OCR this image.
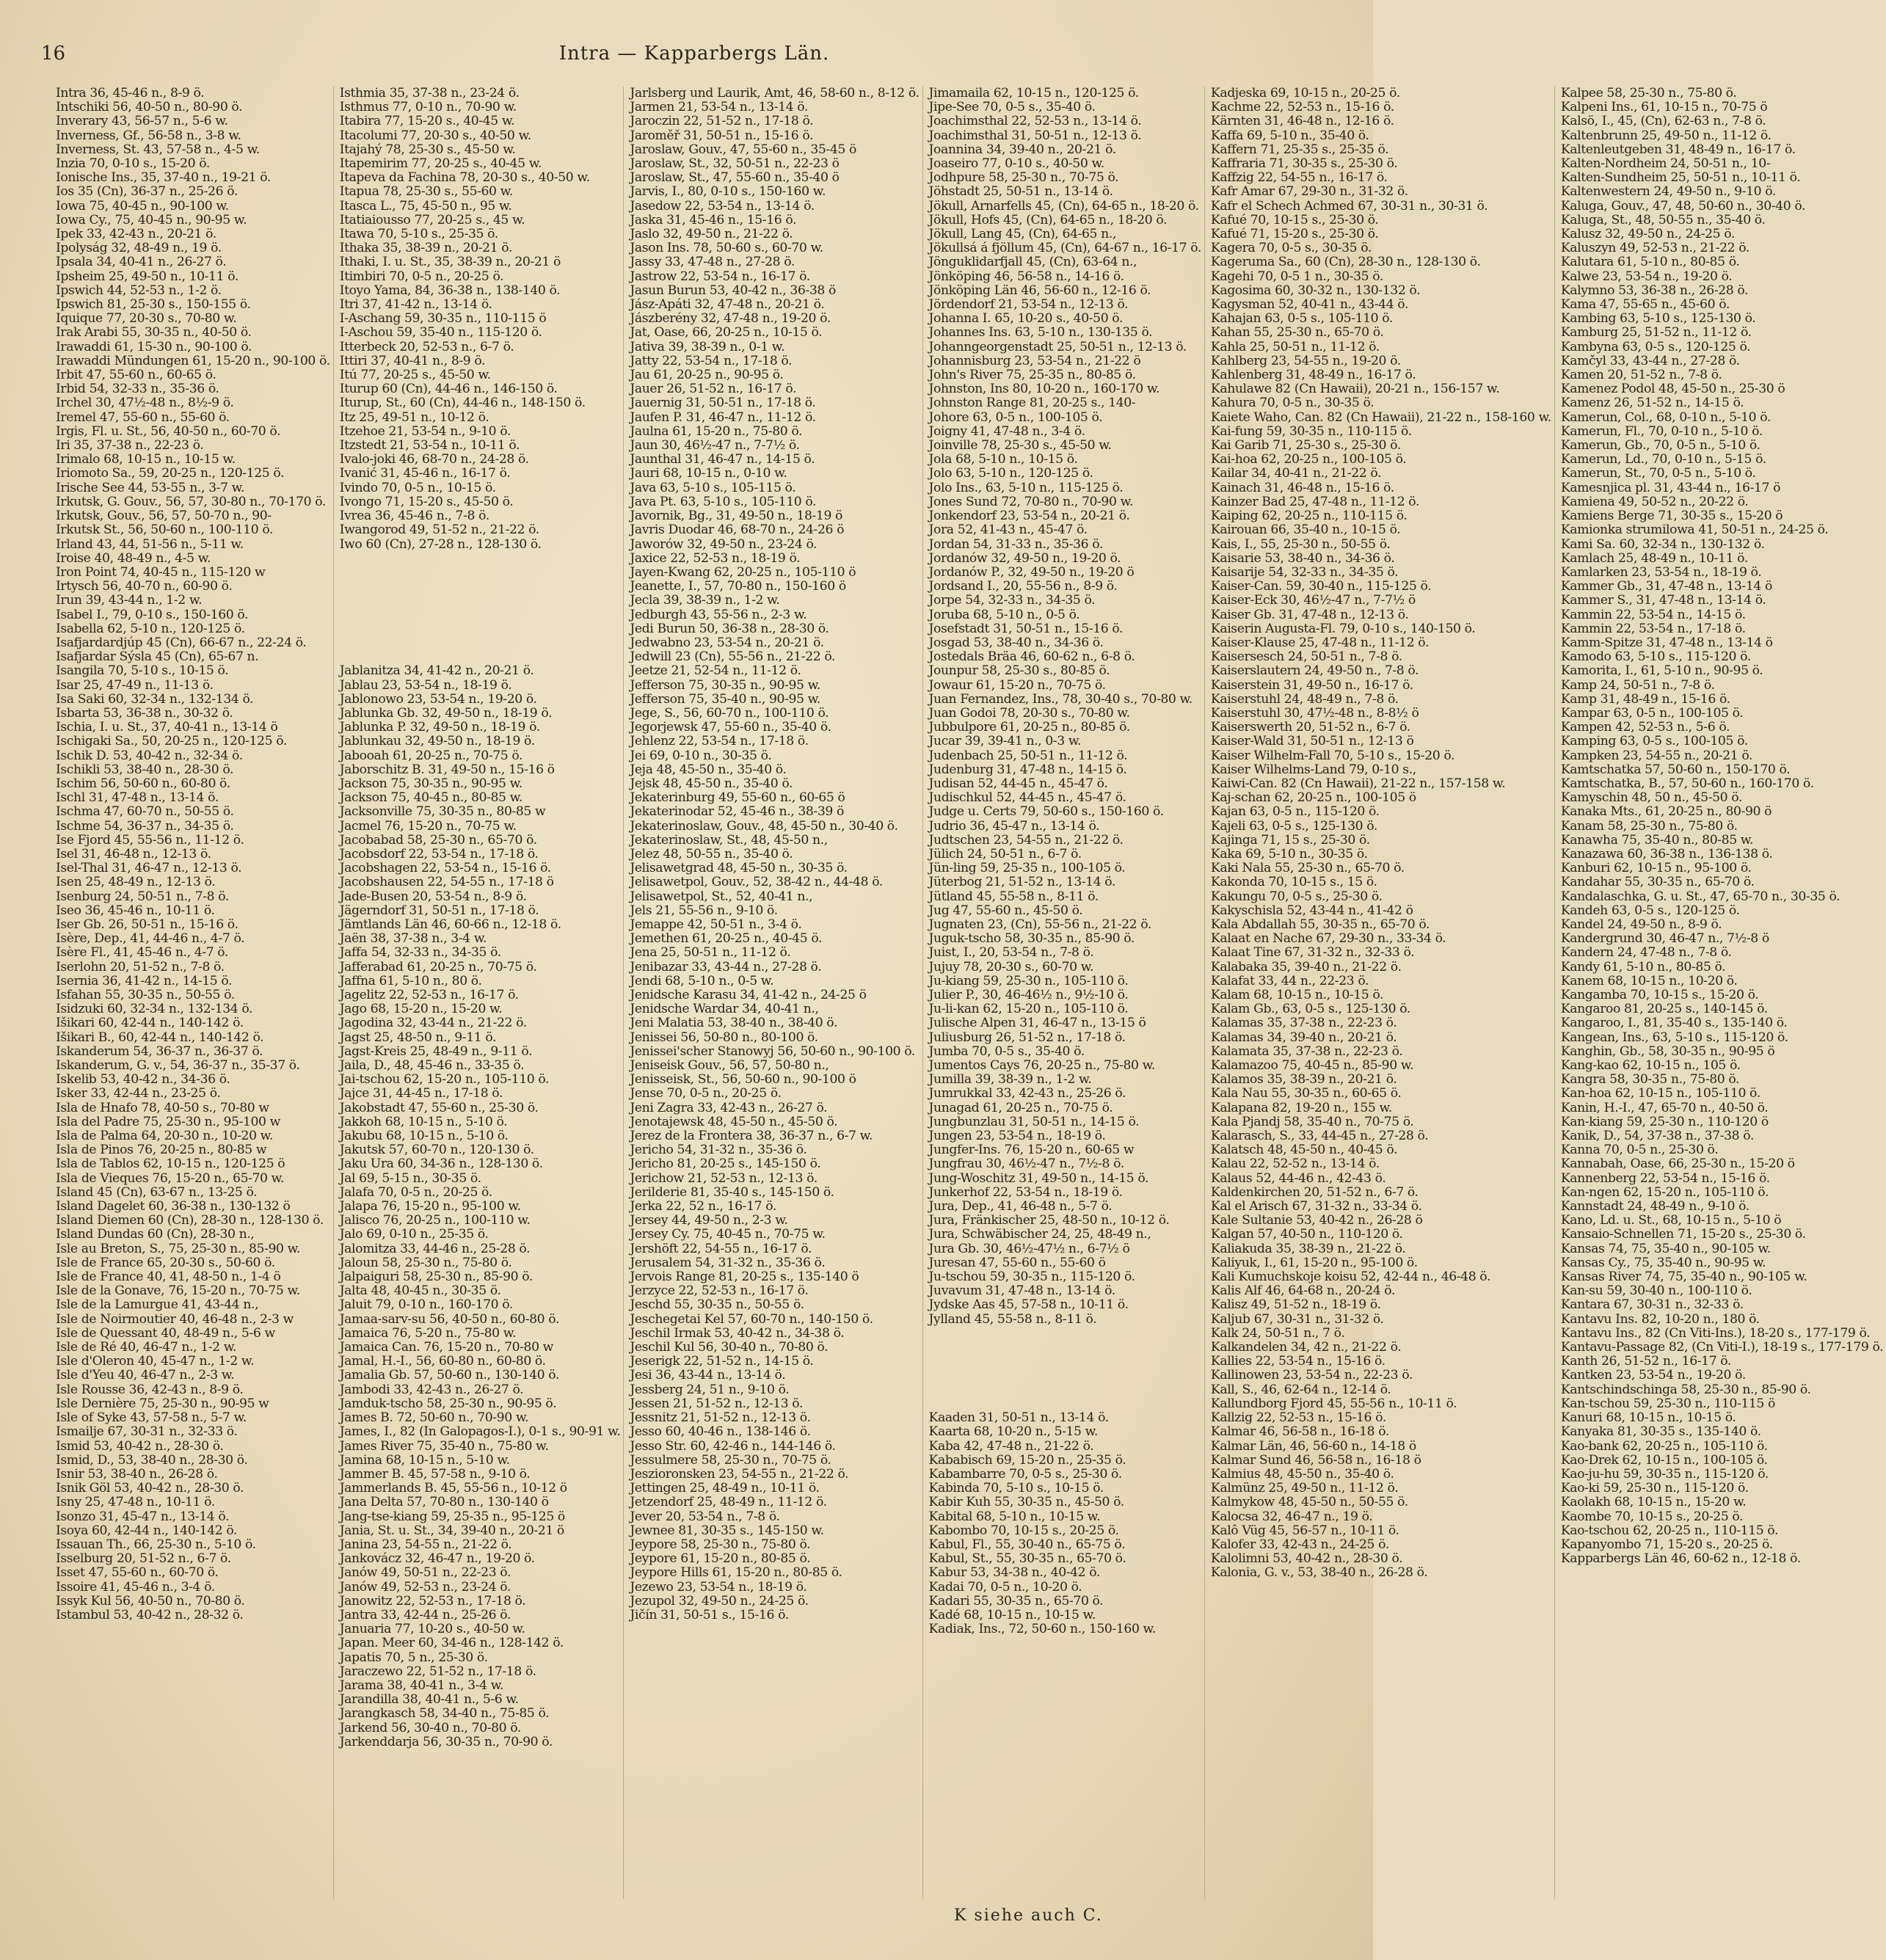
16	Intra — Kapparbergs Län.
Intra 36, 45-46 n., 8-9 ö.
Intschiki 56, 40-50 n., 80-90 ö.
Inverary 43, 56-57 n., 5-6 w.
Inverness, Gf., 56-58 n., 3-8 w.
Inverness, St. 43, 57-58 n., 4-5 w.
Inzia 70, 0-10 s., 15-20 ö.
Ionische Ins., 35, 37-40 n., 19-21 ö.
Ios 35 (Cn), 36-37 n., 25-26 ö.
Iowa 75, 40-45 n., 90-100 w.
Iowa Cy., 75, 40-45 n., 90-95 w.
Ipek 33, 42-43 n., 20-21 ö.
Ipolyság 32, 48-49 n., 19 ö.
Ipsala 34, 40-41 n., 26-27 ö.
Ipsheim 25, 49-50 n., 10-11 ö.
Ipswich 44, 52-53 n., 1-2 ö.
Ipswich 81, 25-30 s., 150-155 ö.
Iquique 77, 20-30 s., 70-80 w.
Irak Arabi 55, 30-35 n., 40-50 ö.
Irawaddi 61, 15-30 n., 90-100 ö.
Irawaddi Mündungen 61, 15-20 n., 90-100 ö.
Irbit 47, 55-60 n., 60-65 ö.
Irbid 54, 32-33 n., 35-36 ö.
Irchel 30, 47½-48 n., 8½-9 ö.
Iremel 47, 55-60 n., 55-60 ö.
Irgis, Fl. u. St., 56, 40-50 n., 60-70 ö.
Iri 35, 37-38 n., 22-23 ö.
Irimalo 68, 10-15 n., 10-15 w.
Iriomoto Sa., 59, 20-25 n., 120-125 ö.
Irische See 44, 53-55 n., 3-7 w.
Irkutsk, G. Gouv., 56, 57, 30-80 n., 70-170 ö.
Irkutsk, Gouv., 56, 57, 50-70 n., 90-
Irkutsk St., 56, 50-60 n., 100-110 ö.
Irland 43, 44, 51-56 n., 5-11 w.
Iroise 40, 48-49 n., 4-5 w.
Iron Point 74, 40-45 n., 115-120 w
Irtysch 56, 40-70 n., 60-90 ö.
Irun 39, 43-44 n., 1-2 w.
Isabel I., 79, 0-10 s., 150-160 ö.
Isabella 62, 5-10 n., 120-125 ö.
Isafjardardjúp 45 (Cn), 66-67 n., 22-24 ö.
Isafjardar Sýsla 45 (Cn), 65-67 n.
Isangila 70, 5-10 s., 10-15 ö.
Isar 25, 47-49 n., 11-13 ö.
Isa Saki 60, 32-34 n., 132-134 ö.
Isbarta 53, 36-38 n., 30-32 ö.
Ischia, I. u. St., 37, 40-41 n., 13-14 ö
Ischigaki Sa., 50, 20-25 n., 120-125 ö.
Ischik D. 53, 40-42 n., 32-34 ö.
Ischikli 53, 38-40 n., 28-30 ö.
Ischim 56, 50-60 n., 60-80 ö.
Ischl 31, 47-48 n., 13-14 ö.
Ischma 47, 60-70 n., 50-55 ö.
Ischme 54, 36-37 n., 34-35 ö.
Ise Fjord 45, 55-56 n., 11-12 ö.
Isel 31, 46-48 n., 12-13 ö.
Isel-Thal 31, 46-47 n., 12-13 ö.
Isen 25, 48-49 n., 12-13 ö.
Isenburg 24, 50-51 n., 7-8 ö.
Iseo 36, 45-46 n., 10-11 ö.
Iser Gb. 26, 50-51 n., 15-16 ö.
Isère, Dep., 41, 44-46 n., 4-7 ö.
Isère Fl., 41, 45-46 n., 4-7 ö.
Iserlohn 20, 51-52 n., 7-8 ö.
Isernia 36, 41-42 n., 14-15 ö.
Isfahan 55, 30-35 n., 50-55 ö.
Isidzuki 60, 32-34 n., 132-134 ö.
Išikari 60, 42-44 n., 140-142 ö.
Išikari B., 60, 42-44 n., 140-142 ö.
Iskanderum 54, 36-37 n., 36-37 ö.
Iskanderum, G. v., 54, 36-37 n., 35-37 ö.
Iskelib 53, 40-42 n., 34-36 ö.
Isker 33, 42-44 n., 23-25 ö.
Isla de Hnafo 78, 40-50 s., 70-80 w
Isla del Padre 75, 25-30 n., 95-100 w
Isla de Palma 64, 20-30 n., 10-20 w.
Isla de Pinos 76, 20-25 n., 80-85 w
Isla de Tablos 62, 10-15 n., 120-125 ö
Isla de Vieques 76, 15-20 n., 65-70 w.
Island 45 (Cn), 63-67 n., 13-25 ö.
Island Dagelet 60, 36-38 n., 130-132 ö
Island Diemen 60 (Cn), 28-30 n., 128-130 ö.
Island Dundas 60 (Cn), 28-30 n.,
Isle au Breton, S., 75, 25-30 n., 85-90 w.
Isle de France 65, 20-30 s., 50-60 ö.
Isle de France 40, 41, 48-50 n., 1-4 ö
Isle de la Gonave, 76, 15-20 n., 70-75 w.
Isle de la Lamurgue 41, 43-44 n.,
Isle de Noirmoutier 40, 46-48 n., 2-3 w
Isle de Quessant 40, 48-49 n., 5-6 w
Isle de Ré 40, 46-47 n., 1-2 w.
Isle d'Oleron 40, 45-47 n., 1-2 w.
Isle d'Yeu 40, 46-47 n., 2-3 w.
Isle Rousse 36, 42-43 n., 8-9 ö.
Isle Dernière 75, 25-30 n., 90-95 w
Isle of Syke 43, 57-58 n., 5-7 w.
Ismailje 67, 30-31 n., 32-33 ö.
Ismid 53, 40-42 n., 28-30 ö.
Ismid, D., 53, 38-40 n., 28-30 ö.
Isnir 53, 38-40 n., 26-28 ö.
Isnik Göl 53, 40-42 n., 28-30 ö.
Isny 25, 47-48 n., 10-11 ö.
Isonzo 31, 45-47 n., 13-14 ö.
Isoya 60, 42-44 n., 140-142 ö.
Issauan Th., 66, 25-30 n., 5-10 ö.
Isselburg 20, 51-52 n., 6-7 ö.
Isset 47, 55-60 n., 60-70 ö.
Issoire 41, 45-46 n., 3-4 ö.
Issyk Kul 56, 40-50 n., 70-80 ö.
Istambul 53, 40-42 n., 28-32 ö.
Isthmia 35, 37-38 n., 23-24 ö.
Isthmus 77, 0-10 n., 70-90 w.
Itabira 77, 15-20 s., 40-45 w.
Itacolumi 77, 20-30 s., 40-50 w.
Itajahý 78, 25-30 s., 45-50 w.
Itapemirim 77, 20-25 s., 40-45 w.
Itapeva da Fachina 78, 20-30 s., 40-50 w.
Itapua 78, 25-30 s., 55-60 w.
Itasca L., 75, 45-50 n., 95 w.
Itatiaiousso 77, 20-25 s., 45 w.
Itawa 70, 5-10 s., 25-35 ö.
Ithaka 35, 38-39 n., 20-21 ö.
Ithaki, I. u. St., 35, 38-39 n., 20-21 ö
Itimbiri 70, 0-5 n., 20-25 ö.
Itoyo Yama, 84, 36-38 n., 138-140 ö.
Itri 37, 41-42 n., 13-14 ö.
I-Aschang 59, 30-35 n., 110-115 ö
I-Aschou 59, 35-40 n., 115-120 ö.
Itterbeck 20, 52-53 n., 6-7 ö.
Ittiri 37, 40-41 n., 8-9 ö.
Itú 77, 20-25 s., 45-50 w.
Iturup 60 (Cn), 44-46 n., 146-150 ö.
Iturup, St., 60 (Cn), 44-46 n., 148-150 ö.
Itz 25, 49-51 n., 10-12 ö.
Itzehoe 21, 53-54 n., 9-10 ö.
Itzstedt 21, 53-54 n., 10-11 ö.
Ivalo-joki 46, 68-70 n., 24-28 ö.
Ivanić 31, 45-46 n., 16-17 ö.
Ivindo 70, 0-5 n., 10-15 ö.
Ivongo 71, 15-20 s., 45-50 ö.
Ivrea 36, 45-46 n., 7-8 ö.
Iwangorod 49, 51-52 n., 21-22 ö.
Iwo 60 (Cn), 27-28 n., 128-130 ö.

Jablanitza 34, 41-42 n., 20-21 ö.
Jablau 23, 53-54 n., 18-19 ö.
Jablonowo 23, 53-54 n., 19-20 ö.
Jablunka Gb. 32, 49-50 n., 18-19 ö.
Jablunka P. 32, 49-50 n., 18-19 ö.
Jablunkau 32, 49-50 n., 18-19 ö.
Jabooah 61, 20-25 n., 70-75 ö.
Jaborschitz B. 31, 49-50 n., 15-16 ö
Jackson 75, 30-35 n., 90-95 w.
Jackson 75, 40-45 n., 80-85 w.
Jacksonville 75, 30-35 n., 80-85 w
Jacmel 76, 15-20 n., 70-75 w.
Jacobabad 58, 25-30 n., 65-70 ö.
Jacobsdorf 22, 53-54 n., 17-18 ö.
Jacobshagen 22, 53-54 n., 15-16 ö.
Jacobshausen 22, 54-55 n., 17-18 ö
Jade-Busen 20, 53-54 n., 8-9 ö.
Jägerndorf 31, 50-51 n., 17-18 ö.
Jämtlands Län 46, 60-66 n., 12-18 ö.
Jaën 38, 37-38 n., 3-4 w.
Jaffa 54, 32-33 n., 34-35 ö.
Jafferabad 61, 20-25 n., 70-75 ö.
Jaffna 61, 5-10 n., 80 ö.
Jagelitz 22, 52-53 n., 16-17 ö.
Jago 68, 15-20 n., 15-20 w.
Jagodina 32, 43-44 n., 21-22 ö.
Jagst 25, 48-50 n., 9-11 ö.
Jagst-Kreis 25, 48-49 n., 9-11 ö.
Jaila, D., 48, 45-46 n., 33-35 ö.
Jai-tschou 62, 15-20 n., 105-110 ö.
Jajce 31, 44-45 n., 17-18 ö.
Jakobstadt 47, 55-60 n., 25-30 ö.
Jakkoh 68, 10-15 n., 5-10 ö.
Jakubu 68, 10-15 n., 5-10 ö.
Jakutsk 57, 60-70 n., 120-130 ö.
Jaku Ura 60, 34-36 n., 128-130 ö.
Jal 69, 5-15 n., 30-35 ö.
Jalafa 70, 0-5 n., 20-25 ö.
Jalapa 76, 15-20 n., 95-100 w.
Jalisco 76, 20-25 n., 100-110 w.
Jalo 69, 0-10 n., 25-35 ö.
Jalomitza 33, 44-46 n., 25-28 ö.
Jaloun 58, 25-30 n., 75-80 ö.
Jalpaiguri 58, 25-30 n., 85-90 ö.
Jalta 48, 40-45 n., 30-35 ö.
Jaluit 79, 0-10 n., 160-170 ö.
Jamaa-sarv-su 56, 40-50 n., 60-80 ö.
Jamaica 76, 5-20 n., 75-80 w.
Jamaica Can. 76, 15-20 n., 70-80 w
Jamal, H.-I., 56, 60-80 n., 60-80 ö.
Jamalia Gb. 57, 50-60 n., 130-140 ö.
Jambodi 33, 42-43 n., 26-27 ö.
Jamduk-tscho 58, 25-30 n., 90-95 ö.
James B. 72, 50-60 n., 70-90 w.
James, I., 82 (In Galopagos-I.), 0-1 s., 90-91 w.
James River 75, 35-40 n., 75-80 w.
Jamina 68, 10-15 n., 5-10 w.
Jammer B. 45, 57-58 n., 9-10 ö.
Jammerlands B. 45, 55-56 n., 10-12 ö
Jana Delta 57, 70-80 n., 130-140 ö
Jang-tse-kiang 59, 25-35 n., 95-125 ö
Jania, St. u. St., 34, 39-40 n., 20-21 ö
Janina 23, 54-55 n., 21-22 ö.
Jankovácz 32, 46-47 n., 19-20 ö.
Janów 49, 50-51 n., 22-23 ö.
Janów 49, 52-53 n., 23-24 ö.
Janowitz 22, 52-53 n., 17-18 ö.
Jantra 33, 42-44 n., 25-26 ö.
Januaria 77, 10-20 s., 40-50 w.
Japan. Meer 60, 34-46 n., 128-142 ö.
Japatis 70, 5 n., 25-30 ö.
Jaraczewo 22, 51-52 n., 17-18 ö.
Jarama 38, 40-41 n., 3-4 w.
Jarandilla 38, 40-41 n., 5-6 w.
Jarangkasch 58, 34-40 n., 75-85 ö.
Jarkend 56, 30-40 n., 70-80 ö.
Jarkenddarja 56, 30-35 n., 70-90 ö.
Jarlsberg und Laurik, Amt, 46, 58-60 n., 8-12 ö.
Jarmen 21, 53-54 n., 13-14 ö.
Jaroczin 22, 51-52 n., 17-18 ö.
Jaroměř 31, 50-51 n., 15-16 ö.
Jaroslaw, Gouv., 47, 55-60 n., 35-45 ö
Jaroslaw, St., 32, 50-51 n., 22-23 ö
Jaroslaw, St., 47, 55-60 n., 35-40 ö
Jarvis, I., 80, 0-10 s., 150-160 w.
Jasedow 22, 53-54 n., 13-14 ö.
Jaska 31, 45-46 n., 15-16 ö.
Jaslo 32, 49-50 n., 21-22 ö.
Jason Ins. 78, 50-60 s., 60-70 w.
Jassy 33, 47-48 n., 27-28 ö.
Jastrow 22, 53-54 n., 16-17 ö.
Jasun Burun 53, 40-42 n., 36-38 ö
Jász-Apáti 32, 47-48 n., 20-21 ö.
Jászberény 32, 47-48 n., 19-20 ö.
Jat, Oase, 66, 20-25 n., 10-15 ö.
Jativa 39, 38-39 n., 0-1 w.
Jatty 22, 53-54 n., 17-18 ö.
Jau 61, 20-25 n., 90-95 ö.
Jauer 26, 51-52 n., 16-17 ö.
Jauernig 31, 50-51 n., 17-18 ö.
Jaufen P. 31, 46-47 n., 11-12 ö.
Jaulna 61, 15-20 n., 75-80 ö.
Jaun 30, 46½-47 n., 7-7½ ö.
Jaunthal 31, 46-47 n., 14-15 ö.
Jauri 68, 10-15 n., 0-10 w.
Java 63, 5-10 s., 105-115 ö.
Java Pt. 63, 5-10 s., 105-110 ö.
Javornik, Bg., 31, 49-50 n., 18-19 ö
Javris Duodar 46, 68-70 n., 24-26 ö
Jaworów 32, 49-50 n., 23-24 ö.
Jaxice 22, 52-53 n., 18-19 ö.
Jayen-Kwang 62, 20-25 n., 105-110 ö
Jeanette, I., 57, 70-80 n., 150-160 ö
Jecla 39, 38-39 n., 1-2 w.
Jedburgh 43, 55-56 n., 2-3 w.
Jedi Burun 50, 36-38 n., 28-30 ö.
Jedwabno 23, 53-54 n., 20-21 ö.
Jedwill 23 (Cn), 55-56 n., 21-22 ö.
Jeetze 21, 52-54 n., 11-12 ö.
Jefferson 75, 30-35 n., 90-95 w.
Jefferson 75, 35-40 n., 90-95 w.
Jege, S., 56, 60-70 n., 100-110 ö.
Jegorjewsk 47, 55-60 n., 35-40 ö.
Jehlenz 22, 53-54 n., 17-18 ö.
Jei 69, 0-10 n., 30-35 ö.
Jeja 48, 45-50 n., 35-40 ö.
Jejsk 48, 45-50 n., 35-40 ö.
Jekaterinburg 49, 55-60 n., 60-65 ö
Jekaterinodar 52, 45-46 n., 38-39 ö
Jekaterinoslaw, Gouv., 48, 45-50 n., 30-40 ö.
Jekaterinoslaw, St., 48, 45-50 n.,
Jelez 48, 50-55 n., 35-40 ö.
Jelisawetgrad 48, 45-50 n., 30-35 ö.
Jelisawetpol, Gouv., 52, 38-42 n., 44-48 ö.
Jelisawetpol, St., 52, 40-41 n.,
Jels 21, 55-56 n., 9-10 ö.
Jemappe 42, 50-51 n., 3-4 ö.
Jemethen 61, 20-25 n., 40-45 ö.
Jena 25, 50-51 n., 11-12 ö.
Jenibazar 33, 43-44 n., 27-28 ö.
Jendi 68, 5-10 n., 0-5 w.
Jenidsche Karasu 34, 41-42 n., 24-25 ö
Jenidsche Wardar 34, 40-41 n.,
Jeni Malatia 53, 38-40 n., 38-40 ö.
Jenissei 56, 50-80 n., 80-100 ö.
Jenissei'scher Stanowyj 56, 50-60 n., 90-100 ö.
Jeniseisk Gouv., 56, 57, 50-80 n.,
Jenisseisk, St., 56, 50-60 n., 90-100 ö
Jense 70, 0-5 n., 20-25 ö.
Jeni Zagra 33, 42-43 n., 26-27 ö.
Jenotajewsk 48, 45-50 n., 45-50 ö.
Jerez de la Frontera 38, 36-37 n., 6-7 w.
Jericho 54, 31-32 n., 35-36 ö.
Jericho 81, 20-25 s., 145-150 ö.
Jerichow 21, 52-53 n., 12-13 ö.
Jerilderie 81, 35-40 s., 145-150 ö.
Jerka 22, 52 n., 16-17 ö.
Jersey 44, 49-50 n., 2-3 w.
Jersey Cy. 75, 40-45 n., 70-75 w.
Jershöft 22, 54-55 n., 16-17 ö.
Jerusalem 54, 31-32 n., 35-36 ö.
Jervois Range 81, 20-25 s., 135-140 ö
Jerzyce 22, 52-53 n., 16-17 ö.
Jeschd 55, 30-35 n., 50-55 ö.
Jeschegetai Kel 57, 60-70 n., 140-150 ö.
Jeschil Irmak 53, 40-42 n., 34-38 ö.
Jeschil Kul 56, 30-40 n., 70-80 ö.
Jeserigk 22, 51-52 n., 14-15 ö.
Jesi 36, 43-44 n., 13-14 ö.
Jessberg 24, 51 n., 9-10 ö.
Jessen 21, 51-52 n., 12-13 ö.
Jessnitz 21, 51-52 n., 12-13 ö.
Jesso 60, 40-46 n., 138-146 ö.
Jesso Str. 60, 42-46 n., 144-146 ö.
Jessulmere 58, 25-30 n., 70-75 ö.
Jeszioronsken 23, 54-55 n., 21-22 ö.
Jettingen 25, 48-49 n., 10-11 ö.
Jetzendorf 25, 48-49 n., 11-12 ö.
Jever 20, 53-54 n., 7-8 ö.
Jewnee 81, 30-35 s., 145-150 w.
Jeypore 58, 25-30 n., 75-80 ö.
Jeypore 61, 15-20 n., 80-85 ö.
Jeypore Hills 61, 15-20 n., 80-85 ö.
Jezewo 23, 53-54 n., 18-19 ö.
Jezupol 32, 49-50 n., 24-25 ö.
Jičín 31, 50-51 s., 15-16 ö.
Jimamaila 62, 10-15 n., 120-125 ö.
Jipe-See 70, 0-5 s., 35-40 ö.
Joachimsthal 22, 52-53 n., 13-14 ö.
Joachimsthal 31, 50-51 n., 12-13 ö.
Joannina 34, 39-40 n., 20-21 ö.
Joaseiro 77, 0-10 s., 40-50 w.
Jodhpure 58, 25-30 n., 70-75 ö.
Jöhstadt 25, 50-51 n., 13-14 ö.
Jökull, Arnarfells 45, (Cn), 64-65 n., 18-20 ö.
Jökull, Hofs 45, (Cn), 64-65 n., 18-20 ö.
Jökull, Lang 45, (Cn), 64-65 n.,
Jökullsá á fjöllum 45, (Cn), 64-67 n., 16-17 ö.
Jönguklidarfjall 45, (Cn), 63-64 n.,
Jönköping 46, 56-58 n., 14-16 ö.
Jönköping Län 46, 56-60 n., 12-16 ö.
Jördendorf 21, 53-54 n., 12-13 ö.
Johanna I. 65, 10-20 s., 40-50 ö.
Johannes Ins. 63, 5-10 n., 130-135 ö.
Johanngeorgenstadt 25, 50-51 n., 12-13 ö.
Johannisburg 23, 53-54 n., 21-22 ö
John's River 75, 25-35 n., 80-85 ö.
Johnston, Ins 80, 10-20 n., 160-170 w.
Johnston Range 81, 20-25 s., 140-
Johore 63, 0-5 n., 100-105 ö.
Joigny 41, 47-48 n., 3-4 ö.
Joinville 78, 25-30 s., 45-50 w.
Jola 68, 5-10 n., 10-15 ö.
Jolo 63, 5-10 n., 120-125 ö.
Jolo Ins., 63, 5-10 n., 115-125 ö.
Jones Sund 72, 70-80 n., 70-90 w.
Jonkendorf 23, 53-54 n., 20-21 ö.
Jora 52, 41-43 n., 45-47 ö.
Jordan 54, 31-33 n., 35-36 ö.
Jordanów 32, 49-50 n., 19-20 ö.
Jordanów P., 32, 49-50 n., 19-20 ö
Jordsand I., 20, 55-56 n., 8-9 ö.
Jorpe 54, 32-33 n., 34-35 ö.
Joruba 68, 5-10 n., 0-5 ö.
Josefstadt 31, 50-51 n., 15-16 ö.
Josgad 53, 38-40 n., 34-36 ö.
Jostedals Bräa 46, 60-62 n., 6-8 ö.
Jounpur 58, 25-30 s., 80-85 ö.
Jowaur 61, 15-20 n., 70-75 ö.
Juan Fernandez, Ins., 78, 30-40 s., 70-80 w.
Juan Godoi 78, 20-30 s., 70-80 w.
Jubbulpore 61, 20-25 n., 80-85 ö.
Jucar 39, 39-41 n., 0-3 w.
Judenbach 25, 50-51 n., 11-12 ö.
Judenburg 31, 47-48 n., 14-15 ö.
Judisan 52, 44-45 n., 45-47 ö.
Judischkul 52, 44-45 n., 45-47 ö.
Judge u. Certs 79, 50-60 s., 150-160 ö.
Judrio 36, 45-47 n., 13-14 ö.
Judtschen 23, 54-55 n., 21-22 ö.
Jülich 24, 50-51 n., 6-7 ö.
Jün-ling 59, 25-35 n., 100-105 ö.
Jüterbog 21, 51-52 n., 13-14 ö.
Jütland 45, 55-58 n., 8-11 ö.
Jug 47, 55-60 n., 45-50 ö.
Jugnaten 23, (Cn), 55-56 n., 21-22 ö.
Juguk-tscho 58, 30-35 n., 85-90 ö.
Juist, I., 20, 53-54 n., 7-8 ö.
Jujuy 78, 20-30 s., 60-70 w.
Ju-kiang 59, 25-30 n., 105-110 ö.
Julier P., 30, 46-46½ n., 9½-10 ö.
Ju-li-kan 62, 15-20 n., 105-110 ö.
Julische Alpen 31, 46-47 n., 13-15 ö
Juliusburg 26, 51-52 n., 17-18 ö.
Jumba 70, 0-5 s., 35-40 ö.
Jumentos Cays 76, 20-25 n., 75-80 w.
Jumilla 39, 38-39 n., 1-2 w.
Jumrukkal 33, 42-43 n., 25-26 ö.
Junagad 61, 20-25 n., 70-75 ö.
Jungbunzlau 31, 50-51 n., 14-15 ö.
Jungen 23, 53-54 n., 18-19 ö.
Jungfer-Ins. 76, 15-20 n., 60-65 w
Jungfrau 30, 46½-47 n., 7½-8 ö.
Jung-Woschitz 31, 49-50 n., 14-15 ö.
Junkerhof 22, 53-54 n., 18-19 ö.
Jura, Dep., 41, 46-48 n., 5-7 ö.
Jura, Fränkischer 25, 48-50 n., 10-12 ö.
Jura, Schwäbischer 24, 25, 48-49 n.,
Jura Gb. 30, 46½-47½ n., 6-7½ ö
Juresan 47, 55-60 n., 55-60 ö
Ju-tschou 59, 30-35 n., 115-120 ö.
Juvavum 31, 47-48 n., 13-14 ö.
Jydske Aas 45, 57-58 n., 10-11 ö.
Jylland 45, 55-58 n., 8-11 ö.

Kaaden 31, 50-51 n., 13-14 ö.
Kaarta 68, 10-20 n., 5-15 w.
Kaba 42, 47-48 n., 21-22 ö.
Kababisch 69, 15-20 n., 25-35 ö.
Kabambarre 70, 0-5 s., 25-30 ö.
Kabinda 70, 5-10 s., 10-15 ö.
Kabir Kuh 55, 30-35 n., 45-50 ö.
Kabital 68, 5-10 n., 10-15 w.
Kabombo 70, 10-15 s., 20-25 ö.
Kabul, Fl., 55, 30-40 n., 65-75 ö.
Kabul, St., 55, 30-35 n., 65-70 ö.
Kabur 53, 34-38 n., 40-42 ö.
Kadai 70, 0-5 n., 10-20 ö.
Kadari 55, 30-35 n., 65-70 ö.
Kadé 68, 10-15 n., 10-15 w.
Kadiak, Ins., 72, 50-60 n., 150-160 w.
Kadjeska 69, 10-15 n., 20-25 ö.
Kachme 22, 52-53 n., 15-16 ö.
Kärnten 31, 46-48 n., 12-16 ö.
Kaffa 69, 5-10 n., 35-40 ö.
Kaffern 71, 25-35 s., 25-35 ö.
Kaffraria 71, 30-35 s., 25-30 ö.
Kaffzig 22, 54-55 n., 16-17 ö.
Kafr Amar 67, 29-30 n., 31-32 ö.
Kafr el Schech Achmed 67, 30-31 n., 30-31 ö.
Kafué 70, 10-15 s., 25-30 ö.
Kafué 71, 15-20 s., 25-30 ö.
Kagera 70, 0-5 s., 30-35 ö.
Kageruma Sa., 60 (Cn), 28-30 n., 128-130 ö.
Kagehi 70, 0-5 1 n., 30-35 ö.
Kagosima 60, 30-32 n., 130-132 ö.
Kagysman 52, 40-41 n., 43-44 ö.
Kahajan 63, 0-5 s., 105-110 ö.
Kahan 55, 25-30 n., 65-70 ö.
Kahla 25, 50-51 n., 11-12 ö.
Kahlberg 23, 54-55 n., 19-20 ö.
Kahlenberg 31, 48-49 n., 16-17 ö.
Kahulawe 82 (Cn Hawaii), 20-21 n., 156-157 w.
Kahura 70, 0-5 n., 30-35 ö.
Kaiete Waho, Can. 82 (Cn Hawaii), 21-22 n., 158-160 w.
Kai-fung 59, 30-35 n., 110-115 ö.
Kai Garib 71, 25-30 s., 25-30 ö.
Kai-hoa 62, 20-25 n., 100-105 ö.
Kailar 34, 40-41 n., 21-22 ö.
Kainach 31, 46-48 n., 15-16 ö.
Kainzer Bad 25, 47-48 n., 11-12 ö.
Kaiping 62, 20-25 n., 110-115 ö.
Kairouan 66, 35-40 n., 10-15 ö.
Kais, I., 55, 25-30 n., 50-55 ö.
Kaisarie 53, 38-40 n., 34-36 ö.
Kaisarije 54, 32-33 n., 34-35 ö.
Kaiser-Can. 59, 30-40 n., 115-125 ö.
Kaiser-Eck 30, 46½-47 n., 7-7½ ö
Kaiser Gb. 31, 47-48 n., 12-13 ö.
Kaiserin Augusta-Fl. 79, 0-10 s., 140-150 ö.
Kaiser-Klause 25, 47-48 n., 11-12 ö.
Kaisersesch 24, 50-51 n., 7-8 ö.
Kaiserslautern 24, 49-50 n., 7-8 ö.
Kaiserstein 31, 49-50 n., 16-17 ö.
Kaiserstuhl 24, 48-49 n., 7-8 ö.
Kaiserstuhl 30, 47½-48 n., 8-8½ ö
Kaiserswerth 20, 51-52 n., 6-7 ö.
Kaiser-Wald 31, 50-51 n., 12-13 ö
Kaiser Wilhelm-Fall 70, 5-10 s., 15-20 ö.
Kaiser Wilhelms-Land 79, 0-10 s.,
Kaiwi-Can. 82 (Cn Hawaii), 21-22 n., 157-158 w.
Kaj-schan 62, 20-25 n., 100-105 ö
Kajan 63, 0-5 n., 115-120 ö.
Kajeli 63, 0-5 s., 125-130 ö.
Kajinga 71, 15 s., 25-30 ö.
Kaka 69, 5-10 n., 30-35 ö.
Kaki Nala 55, 25-30 n., 65-70 ö.
Kakonda 70, 10-15 s., 15 ö.
Kakungu 70, 0-5 s., 25-30 ö.
Kakyschisla 52, 43-44 n., 41-42 ö
Kala Abdallah 55, 30-35 n., 65-70 ö.
Kalaat en Nache 67, 29-30 n., 33-34 ö.
Kalaat Tine 67, 31-32 n., 32-33 ö.
Kalabaka 35, 39-40 n., 21-22 ö.
Kalafat 33, 44 n., 22-23 ö.
Kalam 68, 10-15 n., 10-15 ö.
Kalam Gb., 63, 0-5 s., 125-130 ö.
Kalamas 35, 37-38 n., 22-23 ö.
Kalamas 34, 39-40 n., 20-21 ö.
Kalamata 35, 37-38 n., 22-23 ö.
Kalamazoo 75, 40-45 n., 85-90 w.
Kalamos 35, 38-39 n., 20-21 ö.
Kala Nau 55, 30-35 n., 60-65 ö.
Kalapana 82, 19-20 n., 155 w.
Kala Pjandj 58, 35-40 n., 70-75 ö.
Kalarasch, S., 33, 44-45 n., 27-28 ö.
Kalatsch 48, 45-50 n., 40-45 ö.
Kalau 22, 52-52 n., 13-14 ö.
Kalaus 52, 44-46 n., 42-43 ö.
Kaldenkirchen 20, 51-52 n., 6-7 ö.
Kal el Arisch 67, 31-32 n., 33-34 ö.
Kale Sultanie 53, 40-42 n., 26-28 ö
Kalgan 57, 40-50 n., 110-120 ö.
Kaliakuda 35, 38-39 n., 21-22 ö.
Kaliyuk, I., 61, 15-20 n., 95-100 ö.
Kali Kumuchskoje koisu 52, 42-44 n., 46-48 ö.
Kalis Alf 46, 64-68 n., 20-24 ö.
Kalisz 49, 51-52 n., 18-19 ö.
Kaljub 67, 30-31 n., 31-32 ö.
Kalk 24, 50-51 n., 7 ö.
Kalkandelen 34, 42 n., 21-22 ö.
Kallies 22, 53-54 n., 15-16 ö.
Kallinowen 23, 53-54 n., 22-23 ö.
Kall, S., 46, 62-64 n., 12-14 ö.
Kallundborg Fjord 45, 55-56 n., 10-11 ö.
Kallzig 22, 52-53 n., 15-16 ö.
Kalmar 46, 56-58 n., 16-18 ö.
Kalmar Län, 46, 56-60 n., 14-18 ö
Kalmar Sund 46, 56-58 n., 16-18 ö
Kalmius 48, 45-50 n., 35-40 ö.
Kalmünz 25, 49-50 n., 11-12 ö.
Kalmykow 48, 45-50 n., 50-55 ö.
Kalocsa 32, 46-47 n., 19 ö.
Kalô Vüg 45, 56-57 n., 10-11 ö.
Kalofer 33, 42-43 n., 24-25 ö.
Kalolimni 53, 40-42 n., 28-30 ö.
Kalonia, G. v., 53, 38-40 n., 26-28 ö.
Kalpee 58, 25-30 n., 75-80 ö.
Kalpeni Ins., 61, 10-15 n., 70-75 ö
Kalsö, I., 45, (Cn), 62-63 n., 7-8 ö.
Kaltenbrunn 25, 49-50 n., 11-12 ö.
Kaltenleutgeben 31, 48-49 n., 16-17 ö.
Kalten-Nordheim 24, 50-51 n., 10-
Kalten-Sundheim 25, 50-51 n., 10-11 ö.
Kaltenwestern 24, 49-50 n., 9-10 ö.
Kaluga, Gouv., 47, 48, 50-60 n., 30-40 ö.
Kaluga, St., 48, 50-55 n., 35-40 ö.
Kalusz 32, 49-50 n., 24-25 ö.
Kaluszyn 49, 52-53 n., 21-22 ö.
Kalutara 61, 5-10 n., 80-85 ö.
Kalwe 23, 53-54 n., 19-20 ö.
Kalymno 53, 36-38 n., 26-28 ö.
Kama 47, 55-65 n., 45-60 ö.
Kambing 63, 5-10 s., 125-130 ö.
Kamburg 25, 51-52 n., 11-12 ö.
Kambyna 63, 0-5 s., 120-125 ö.
Kamčyl 33, 43-44 n., 27-28 ö.
Kamen 20, 51-52 n., 7-8 ö.
Kamenez Podol 48, 45-50 n., 25-30 ö
Kamenz 26, 51-52 n., 14-15 ö.
Kamerun, Col., 68, 0-10 n., 5-10 ö.
Kamerun, Fl., 70, 0-10 n., 5-10 ö.
Kamerun, Gb., 70, 0-5 n., 5-10 ö.
Kamerun, Ld., 70, 0-10 n., 5-15 ö.
Kamerun, St., 70, 0-5 n., 5-10 ö.
Kamesnjica pl. 31, 43-44 n., 16-17 ö
Kamiena 49, 50-52 n., 20-22 ö.
Kamiens Berge 71, 30-35 s., 15-20 ö
Kamionka strumilowa 41, 50-51 n., 24-25 ö.
Kami Sa. 60, 32-34 n., 130-132 ö.
Kamlach 25, 48-49 n., 10-11 ö.
Kamlarken 23, 53-54 n., 18-19 ö.
Kammer Gb., 31, 47-48 n., 13-14 ö
Kammer S., 31, 47-48 n., 13-14 ö.
Kammin 22, 53-54 n., 14-15 ö.
Kammin 22, 53-54 n., 17-18 ö.
Kamm-Spitze 31, 47-48 n., 13-14 ö
Kamodo 63, 5-10 s., 115-120 ö.
Kamorita, I., 61, 5-10 n., 90-95 ö.
Kamp 24, 50-51 n., 7-8 ö.
Kamp 31, 48-49 n., 15-16 ö.
Kampar 63, 0-5 n., 100-105 ö.
Kampen 42, 52-53 n., 5-6 ö.
Kamping 63, 0-5 s., 100-105 ö.
Kampken 23, 54-55 n., 20-21 ö.
Kamtschatka 57, 50-60 n., 150-170 ö.
Kamtschatka, B., 57, 50-60 n., 160-170 ö.
Kamyschin 48, 50 n., 45-50 ö.
Kanaka Mts., 61, 20-25 n., 80-90 ö
Kanam 58, 25-30 n., 75-80 ö.
Kanawha 75, 35-40 n., 80-85 w.
Kanazawa 60, 36-38 n., 136-138 ö.
Kanburi 62, 10-15 n., 95-100 ö.
Kandahar 55, 30-35 n., 65-70 ö.
Kandalaschka, G. u. St., 47, 65-70 n., 30-35 ö.
Kandeh 63, 0-5 s., 120-125 ö.
Kandel 24, 49-50 n., 8-9 ö.
Kandergrund 30, 46-47 n., 7½-8 ö
Kandern 24, 47-48 n., 7-8 ö.
Kandy 61, 5-10 n., 80-85 ö.
Kanem 68, 10-15 n., 10-20 ö.
Kangamba 70, 10-15 s., 15-20 ö.
Kangaroo 81, 20-25 s., 140-145 ö.
Kangaroo, I., 81, 35-40 s., 135-140 ö.
Kangean, Ins., 63, 5-10 s., 115-120 ö.
Kanghin, Gb., 58, 30-35 n., 90-95 ö
Kang-kao 62, 10-15 n., 105 ö.
Kangra 58, 30-35 n., 75-80 ö.
Kan-hoa 62, 10-15 n., 105-110 ö.
Kanin, H.-I., 47, 65-70 n., 40-50 ö.
Kan-kiang 59, 25-30 n., 110-120 ö
Kanik, D., 54, 37-38 n., 37-38 ö.
Kanna 70, 0-5 n., 25-30 ö.
Kannabah, Oase, 66, 25-30 n., 15-20 ö
Kannenberg 22, 53-54 n., 15-16 ö.
Kan-ngen 62, 15-20 n., 105-110 ö.
Kannstadt 24, 48-49 n., 9-10 ö.
Kano, Ld. u. St., 68, 10-15 n., 5-10 ö
Kansaio-Schnellen 71, 15-20 s., 25-30 ö.
Kansas 74, 75, 35-40 n., 90-105 w.
Kansas Cy., 75, 35-40 n., 90-95 w.
Kansas River 74, 75, 35-40 n., 90-105 w.
Kan-su 59, 30-40 n., 100-110 ö.
Kantara 67, 30-31 n., 32-33 ö.
Kantavu Ins. 82, 10-20 n., 180 ö.
Kantavu Ins., 82 (Cn Viti-Ins.), 18-20 s., 177-179 ö.
Kantavu-Passage 82, (Cn Viti-I.), 18-19 s., 177-179 ö.
Kanth 26, 51-52 n., 16-17 ö.
Kantken 23, 53-54 n., 19-20 ö.
Kantschindschinga 58, 25-30 n., 85-90 ö.
Kan-tschou 59, 25-30 n., 110-115 ö
Kanuri 68, 10-15 n., 10-15 ö.
Kanyaka 81, 30-35 s., 135-140 ö.
Kao-bank 62, 20-25 n., 105-110 ö.
Kao-Drek 62, 10-15 n., 100-105 ö.
Kao-ju-hu 59, 30-35 n., 115-120 ö.
Kao-ki 59, 25-30 n., 115-120 ö.
Kaolakh 68, 10-15 n., 15-20 w.
Kaombe 70, 10-15 s., 20-25 ö.
Kao-tschou 62, 20-25 n., 110-115 ö.
Kapanyombo 71, 15-20 s., 20-25 ö.
Kapparbergs Län 46, 60-62 n., 12-18 ö.
K siehe auch C.
